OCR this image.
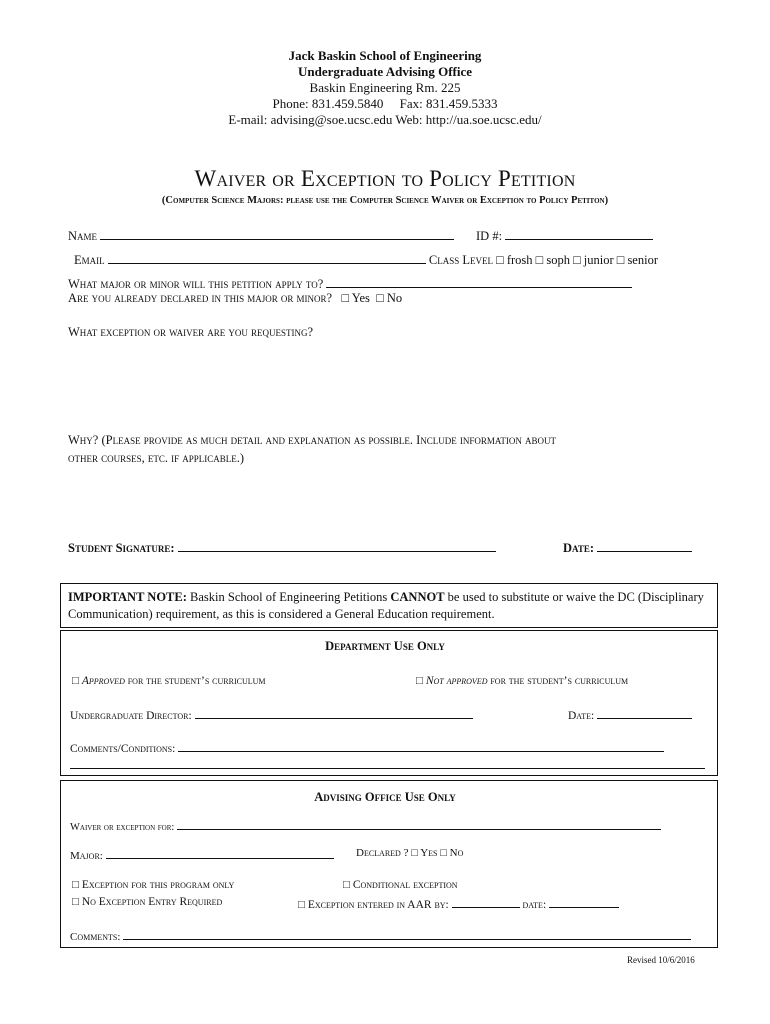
Jack Baskin School of Engineering
Undergraduate Advising Office
Baskin Engineering Rm. 225
Phone: 831.459.5840 Fax: 831.459.5333
E-mail: advising@soe.ucsc.edu Web: http://ua.soe.ucsc.edu/
Waiver or Exception to Policy Petition
(Computer Science Majors: please use the Computer Science Waiver or Exception to Policy Petiton)
Name	ID #:
Email	Class Level □ frosh □ soph □ junior □ senior
What major or minor will this petition apply to?
Are you already declared in this major or minor? □ Yes □ No
What exception or waiver are you requesting?
Why? (Please provide as much detail and explanation as possible. Include information about
other courses, etc. if applicable.)
Student Signature:	Date:
IMPORTANT NOTE: Baskin School of Engineering Petitions CANNOT be used to substitute or waive the DC (Disciplinary Communication) requirement, as this is considered a General Education requirement.
Department Use Only
□ Approved for the student’s curriculum	□ Not approved for the student’s curriculum
Undergraduate Director:	Date:
Comments/Conditions:
Advising Office Use Only
Waiver or exception for:
Major:	Declared ? □ Yes □ No
□ Exception for this program only	□ Conditional exception
□ No Exception Entry Required	□ Exception entered in AAR by:	date:
Comments:
Revised 10/6/2016
